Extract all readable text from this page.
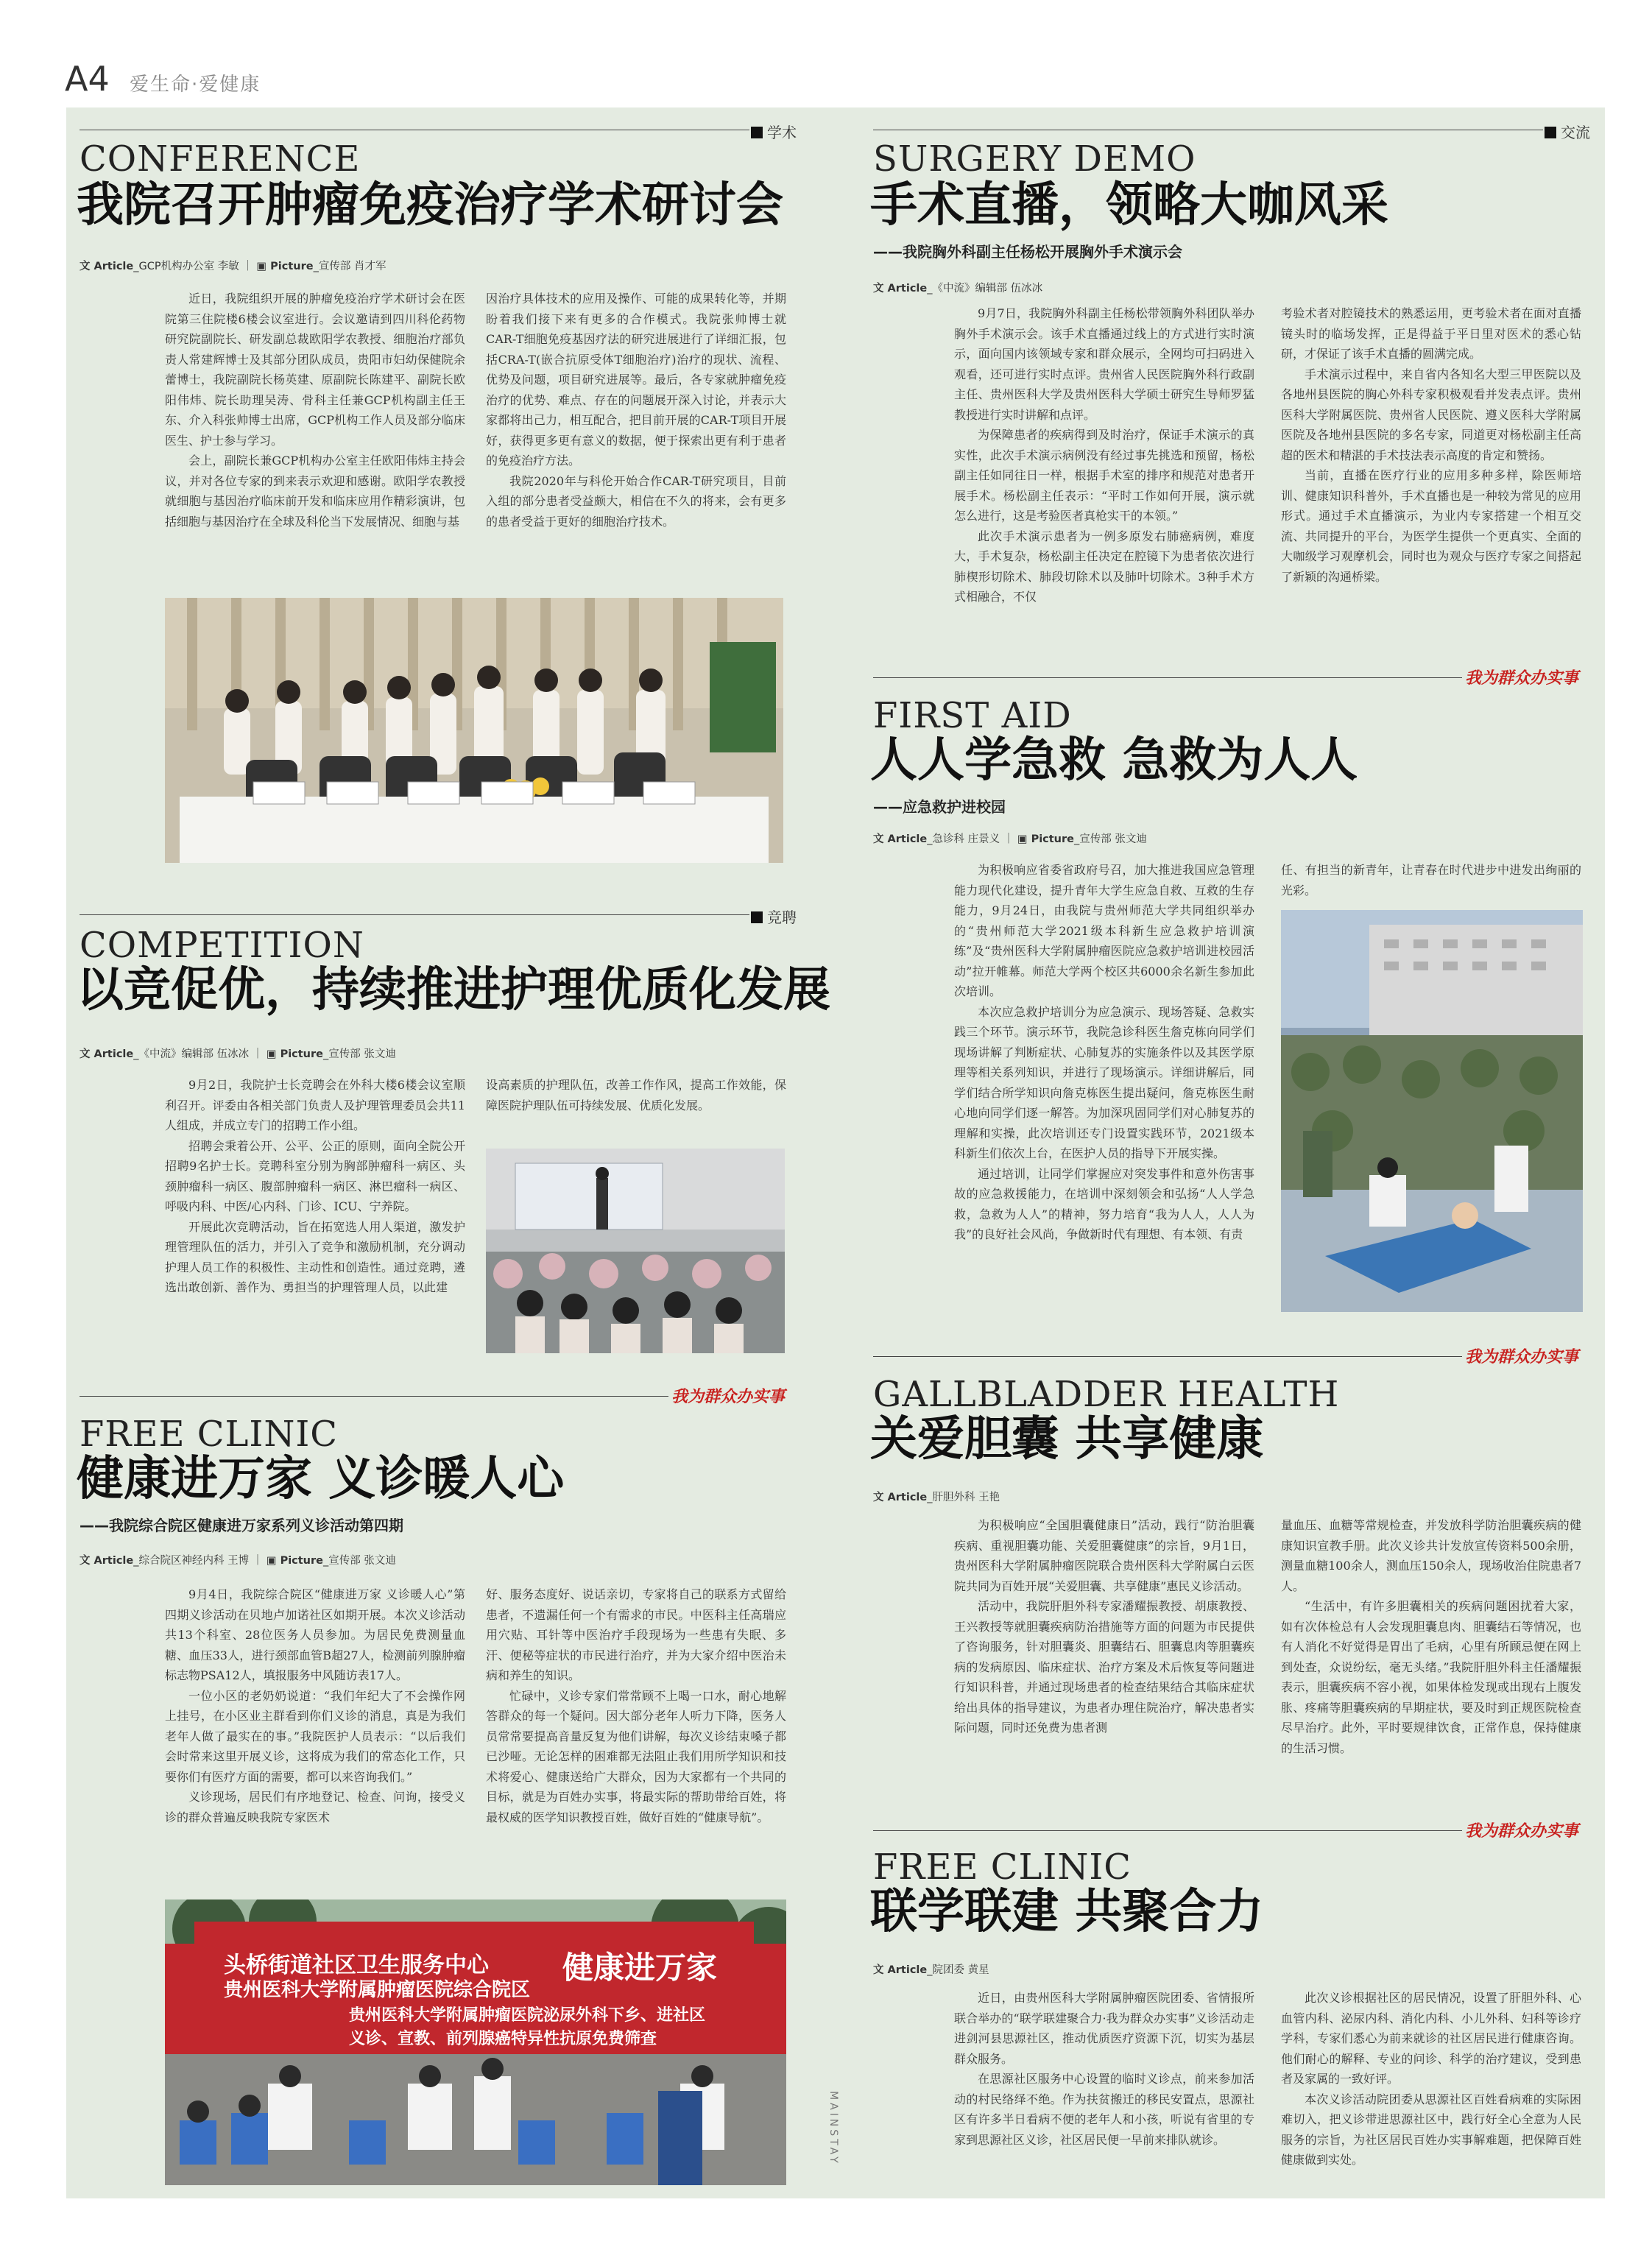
A4 爱生命·爱健康
MAINSTAY
学术
CONFERENCE
我院召开肿瘤免疫治疗学术研讨会
文 Article_GCP机构办公室 李敏 ｜ ▣ Picture_宣传部 肖才军

近日，我院组织开展的肿瘤免疫治疗学术研讨会在医院第三住院楼6楼会议室进行。会议邀请到四川科伦药物研究院副院长、研发副总裁欧阳学农教授、细胞治疗部负责人常建辉博士及其部分团队成员，贵阳市妇幼保健院余蕾博士，我院副院长杨英建、原副院长陈建平、副院长欧阳伟炜、院长助理吴涛、骨科主任兼GCP机构副主任王东、介入科张帅博士出席，GCP机构工作人员及部分临床医生、护士参与学习。

会上，副院长兼GCP机构办公室主任欧阳伟炜主持会议，并对各位专家的到来表示欢迎和感谢。欧阳学农教授就细胞与基因治疗临床前开发和临床应用作精彩演讲，包括细胞与基因治疗在全球及科伦当下发展情况、细胞与基

因治疗具体技术的应用及操作、可能的成果转化等，并期盼着我们接下来有更多的合作模式。我院张帅博士就CAR-T细胞免疫基因疗法的研究进展进行了详细汇报，包括CRA-T(嵌合抗原受体T细胞治疗)治疗的现状、流程、优势及问题，项目研究进展等。最后，各专家就肿瘤免疫治疗的优势、难点、存在的问题展开深入讨论，并表示大家都将出己力，相互配合，把目前开展的CAR-T项目开展好，获得更多更有意义的数据，便于探索出更有利于患者的免疫治疗方法。

我院2020年与科伦开始合作CAR-T研究项目，目前入组的部分患者受益颇大，相信在不久的将来，会有更多的患者受益于更好的细胞治疗技术。

交流
SURGERY DEMO
手术直播，领略大咖风采
——我院胸外科副主任杨松开展胸外手术演示会
文 Article_《中流》编辑部 伍冰冰

9月7日，我院胸外科副主任杨松带领胸外科团队举办胸外手术演示会。该手术直播通过线上的方式进行实时演示，面向国内该领域专家和群众展示，全网均可扫码进入观看，还可进行实时点评。贵州省人民医院胸外科行政副主任、贵州医科大学及贵州医科大学硕士研究生导师罗猛教授进行实时讲解和点评。

为保障患者的疾病得到及时治疗，保证手术演示的真实性，此次手术演示病例没有经过事先挑选和预留，杨松副主任如同往日一样，根据手术室的排序和规范对患者开展手术。杨松副主任表示：“平时工作如何开展，演示就怎么进行，这是考验医者真枪实干的本领。”

此次手术演示患者为一例多原发右肺癌病例，难度大，手术复杂，杨松副主任决定在腔镜下为患者依次进行肺楔形切除术、肺段切除术以及肺叶切除术。3种手术方式相融合，不仅

考验术者对腔镜技术的熟悉运用，更考验术者在面对直播镜头时的临场发挥，正是得益于平日里对医术的悉心钻研，才保证了该手术直播的圆满完成。

手术演示过程中，来自省内各知名大型三甲医院以及各地州县医院的胸心外科专家积极观看并发表点评。贵州医科大学附属医院、贵州省人民医院、遵义医科大学附属医院及各地州县医院的多名专家，同道更对杨松副主任高超的医术和精湛的手术技法表示高度的肯定和赞扬。

当前，直播在医疗行业的应用多种多样，除医师培训、健康知识科普外，手术直播也是一种较为常见的应用形式。通过手术直播演示，为业内专家搭建一个相互交流、共同提升的平台，为医学生提供一个更真实、全面的大咖级学习观摩机会，同时也为观众与医疗专家之间搭起了新颖的沟通桥梁。

我为群众办实事
竞聘
COMPETITION
以竞促优，持续推进护理优质化发展
文 Article_《中流》编辑部 伍冰冰 ｜ ▣ Picture_宣传部 张文迪

9月2日，我院护士长竞聘会在外科大楼6楼会议室顺利召开。评委由各相关部门负责人及护理管理委员会共11人组成，并成立专门的招聘工作小组。

招聘会秉着公开、公平、公正的原则，面向全院公开招聘9名护士长。竞聘科室分别为胸部肿瘤科一病区、头颈肿瘤科一病区、腹部肿瘤科一病区、淋巴瘤科一病区、呼吸内科、中医/心内科、门诊、ICU、宁养院。

开展此次竞聘活动，旨在拓宽选人用人渠道，激发护理管理队伍的活力，并引入了竞争和激励机制，充分调动护理人员工作的积极性、主动性和创造性。通过竞聘，遴选出敢创新、善作为、勇担当的护理管理人员，以此建

设高素质的护理队伍，改善工作作风，提高工作效能，保障医院护理队伍可持续发展、优质化发展。

FIRST AID
人人学急救 急救为人人
——应急救护进校园
文 Article_急诊科 庄景义 ｜ ▣ Picture_宣传部 张文迪

为积极响应省委省政府号召，加大推进我国应急管理能力现代化建设，提升青年大学生应急自救、互救的生存能力，9月24日，由我院与贵州师范大学共同组织举办的“贵州师范大学2021级本科新生应急救护培训演练”及“贵州医科大学附属肿瘤医院应急救护培训进校园活动”拉开帷幕。师范大学两个校区共6000余名新生参加此次培训。

本次应急救护培训分为应急演示、现场答疑、急救实践三个环节。演示环节，我院急诊科医生詹克栋向同学们现场讲解了判断症状、心肺复苏的实施条件以及其医学原理等相关系列知识，并进行了现场演示。详细讲解后，同学们结合所学知识向詹克栋医生提出疑问，詹克栋医生耐心地向同学们逐一解答。为加深巩固同学们对心肺复苏的理解和实操，此次培训还专门设置实践环节，2021级本科新生们依次上台，在医护人员的指导下开展实操。

通过培训，让同学们掌握应对突发事件和意外伤害事故的应急救援能力，在培训中深刻领会和弘扬“人人学急救，急救为人人”的精神，努力培育“我为人人，人人为我”的良好社会风尚，争做新时代有理想、有本领、有责

任、有担当的新青年，让青春在时代进步中进发出绚丽的光彩。

我为群众办实事
我为群众办实事
FREE CLINIC
健康进万家 义诊暖人心
——我院综合院区健康进万家系列义诊活动第四期
文 Article_综合院区神经内科 王博 ｜ ▣ Picture_宣传部 张文迪

9月4日，我院综合院区“健康进万家 义诊暖人心”第四期义诊活动在贝地卢加诺社区如期开展。本次义诊活动共13个科室、28位医务人员参加。为居民免费测量血糖、血压33人，进行颈部血管B超27人，检测前列腺肿瘤标志物PSA12人，填报服务中风随访表17人。

一位小区的老奶奶说道：“我们年纪大了不会操作网上挂号，在小区业主群看到你们义诊的消息，真是为我们老年人做了最实在的事。”我院医护人员表示：“以后我们会时常来这里开展义诊，这将成为我们的常态化工作，只要你们有医疗方面的需要，都可以来咨询我们。”

义诊现场，居民们有序地登记、检查、问询，接受义诊的群众普遍反映我院专家医术

好、服务态度好、说话亲切，专家将自己的联系方式留给患者，不遗漏任何一个有需求的市民。中医科主任高瑞应用穴贴、耳针等中医治疗手段现场为一些患有失眠、多汗、便秘等症状的市民进行治疗，并为大家介绍中医治未病和养生的知识。

忙碌中，义诊专家们常常顾不上喝一口水，耐心地解答群众的每一个疑问。因大部分老年人听力下降，医务人员常常要提高音量反复为他们讲解，每次义诊结束嗓子都已沙哑。无论怎样的困难都无法阻止我们用所学知识和技术将爱心、健康送给广大群众，因为大家都有一个共同的目标，就是为百姓办实事，将最实际的帮助带给百姓，将最权威的医学知识教授百姓，做好百姓的“健康导航”。

头桥街道社区卫生服务中心
贵州医科大学附属肿瘤医院综合院区
健康进万家
贵州医科大学附属肿瘤医院泌尿外科下乡、进社区
义诊、宣教、前列腺癌特异性抗原免费筛查
GALLBLADDER HEALTH
关爱胆囊 共享健康
文 Article_肝胆外科 王艳

为积极响应“全国胆囊健康日”活动，践行“防治胆囊疾病、重视胆囊功能、关爱胆囊健康”的宗旨，9月1日，贵州医科大学附属肿瘤医院联合贵州医科大学附属白云医院共同为百姓开展“关爱胆囊、共享健康”惠民义诊活动。

活动中，我院肝胆外科专家潘耀振教授、胡康教授、王兴教授等就胆囊疾病防治措施等方面的问题为市民提供了咨询服务，针对胆囊炎、胆囊结石、胆囊息肉等胆囊疾病的发病原因、临床症状、治疗方案及术后恢复等问题进行知识科普，并通过现场患者的检查结果结合其临床症状给出具体的指导建议，为患者办理住院治疗，解决患者实际问题，同时还免费为患者测

量血压、血糖等常规检查，并发放科学防治胆囊疾病的健康知识宣教手册。此次义诊共计发放宣传资料500余册，测量血糖100余人，测血压150余人，现场收治住院患者7人。

“生活中，有许多胆囊相关的疾病问题困扰着大家，如有次体检总有人会发现胆囊息肉、胆囊结石等情况，也有人消化不好觉得是胃出了毛病，心里有所顾忌便在网上到处查，众说纷纭，毫无头绪。”我院肝胆外科主任潘耀振表示，胆囊疾病不容小视，如果体检发现或出现右上腹发胀、疼痛等胆囊疾病的早期症状，要及时到正规医院检查尽早治疗。此外，平时要规律饮食，正常作息，保持健康的生活习惯。

我为群众办实事
FREE CLINIC
联学联建 共聚合力
文 Article_院团委 黄星

近日，由贵州医科大学附属肿瘤医院团委、省情报所联合举办的“联学联建聚合力·我为群众办实事”义诊活动走进剑河县思源社区，推动优质医疗资源下沉，切实为基层群众服务。

在思源社区服务中心设置的临时义诊点，前来参加活动的村民络绎不绝。作为扶贫搬迁的移民安置点，思源社区有许多半日看病不便的老年人和小孩，听说有省里的专家到思源社区义诊，社区居民便一早前来排队就诊。

此次义诊根据社区的居民情况，设置了肝胆外科、心血管内科、泌尿内科、消化内科、小儿外科、妇科等诊疗学科，专家们悉心为前来就诊的社区居民进行健康咨询。他们耐心的解释、专业的问诊、科学的治疗建议，受到患者及家属的一致好评。

本次义诊活动院团委从思源社区百姓看病难的实际困难切入，把义诊带进思源社区中，践行好全心全意为人民服务的宗旨，为社区居民百姓办实事解难题，把保障百姓健康做到实处。
